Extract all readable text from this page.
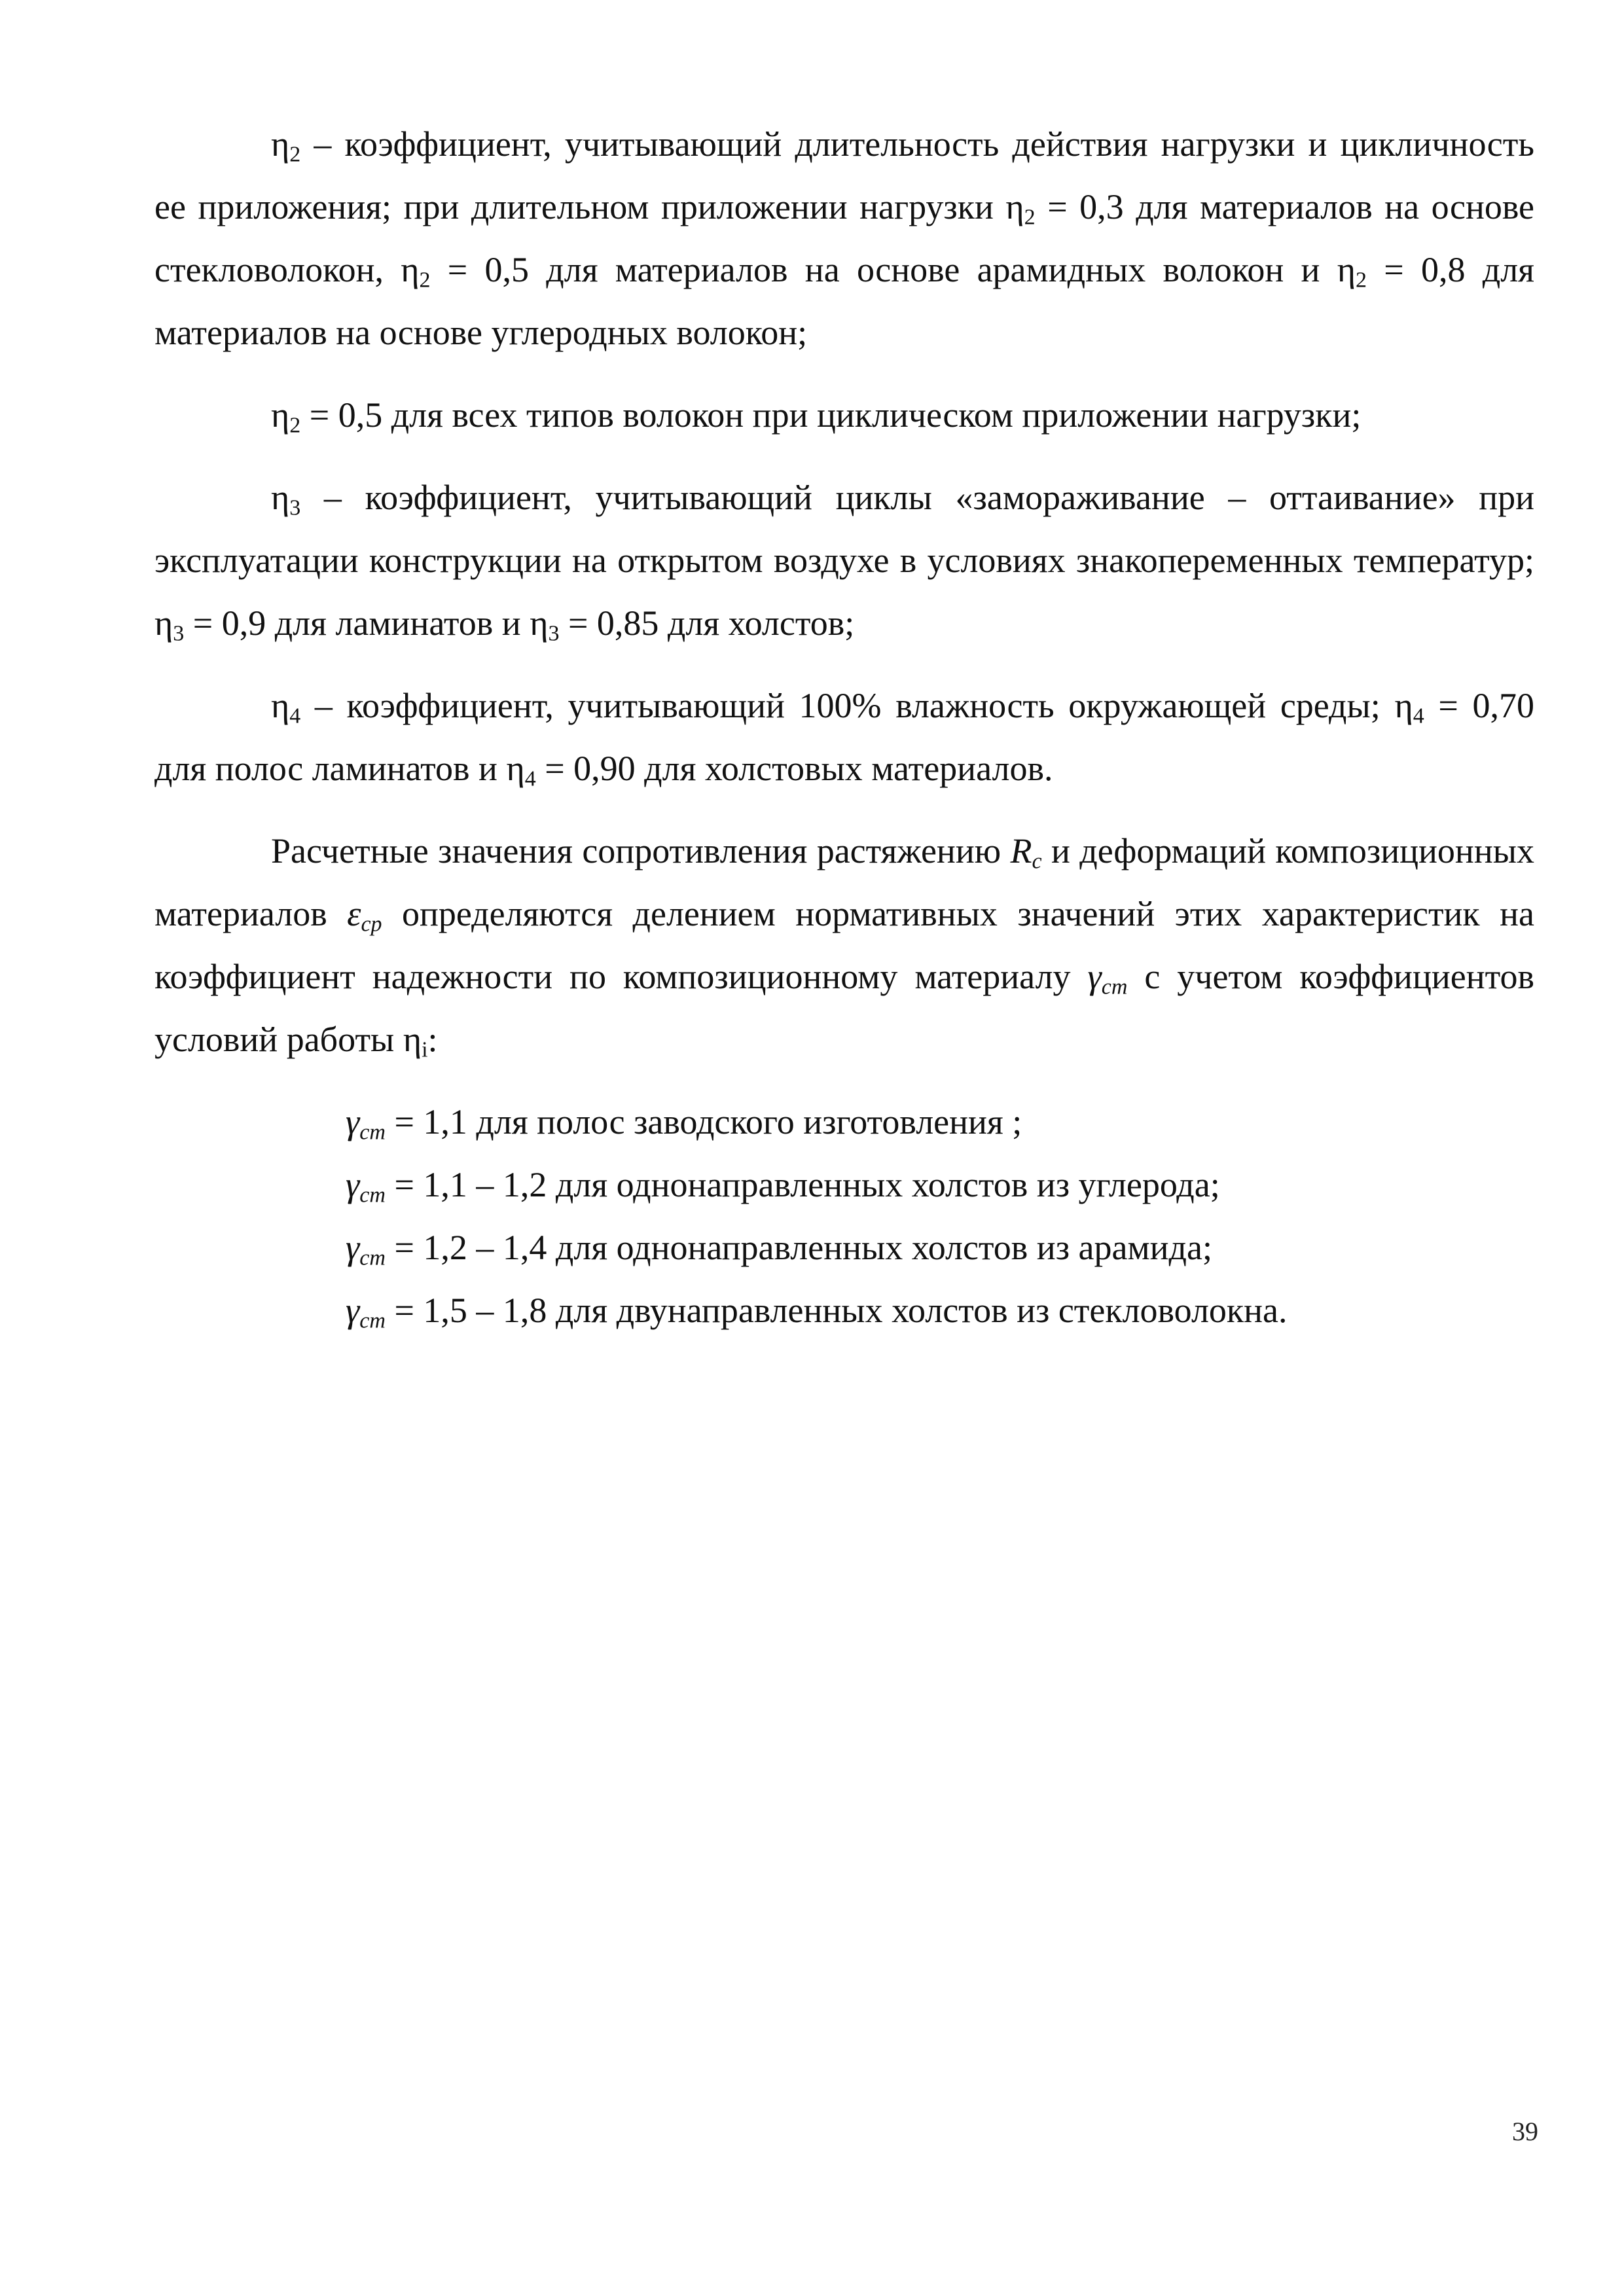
$\eta_2$ – коэффициент, учитывающий длительность действия нагрузки и цикличность ее приложения; при длительном приложении нагрузки $\eta_2 = 0,3$ для материалов на основе стекловолокон, $\eta_2 = 0,5$ для материалов на основе арамидных волокон и $\eta_2 = 0,8$ для материалов на основе углеродных волокон;

$\eta_2 = 0,5$ для всех типов волокон при циклическом приложении нагрузки;

$\eta_3$ – коэффициент, учитывающий циклы «замораживание – оттаивание» при эксплуатации конструкции на открытом воздухе в условиях знакопеременных температур; $\eta_3 = 0,9$ для ламинатов и $\eta_3 = 0,85$ для холстов;

$\eta_4$ – коэффициент, учитывающий 100% влажность окружающей среды; $\eta_4 = 0,70$ для полос ламинатов и $\eta_4 = 0,90$ для холстовых материалов.

Расчетные значения сопротивления растяжению $R_c$ и деформаций композиционных материалов $\varepsilon_{cp}$ определяются делением нормативных значений этих характеристик на коэффициент надежности по композиционному материалу $\gamma_{cm}$ с учетом коэффициентов условий работы $\eta_i$:

$\gamma_{cm} = 1,1$ для полос заводского изготовления ;

$\gamma_{cm} = 1,1 - 1,2$ для однонаправленных холстов из углерода;

$\gamma_{cm} = 1,2 - 1,4$ для однонаправленных холстов из арамида;

$\gamma_{cm} = 1,5 - 1,8$ для двунаправленных холстов из стекловолокна.

39
